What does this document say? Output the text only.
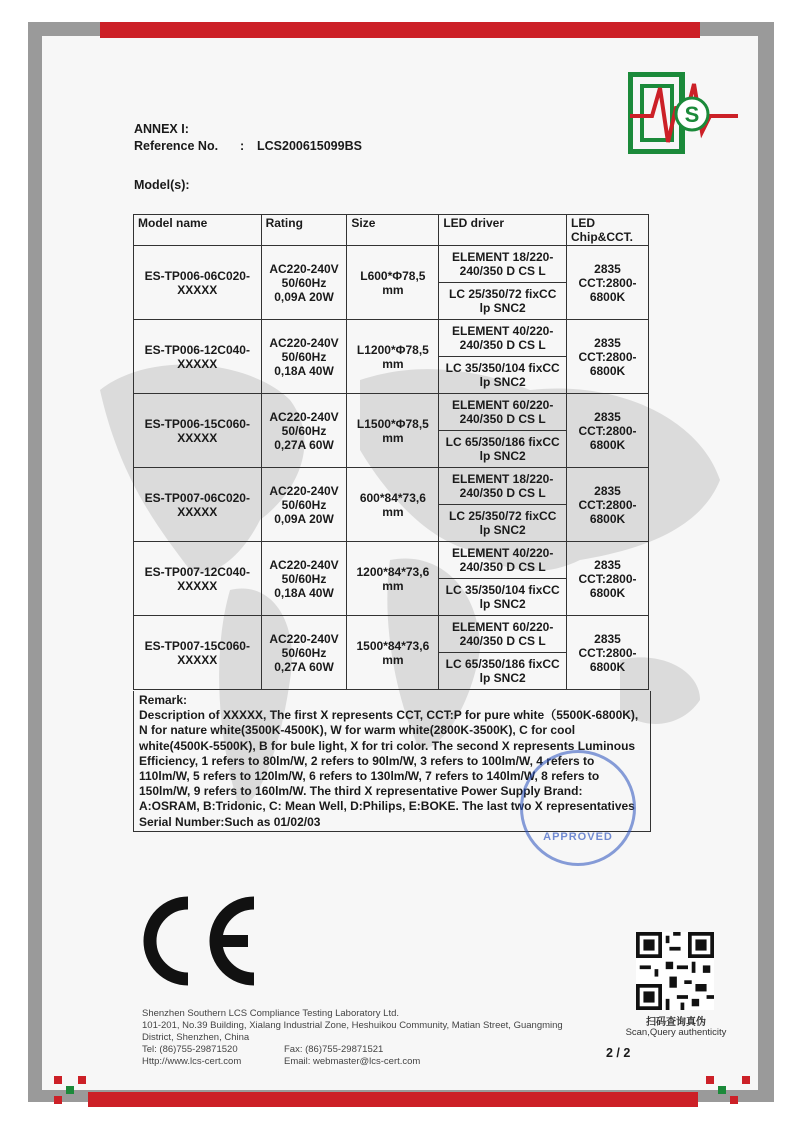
S
ANNEX I:
Reference No. : LCS200615099BS
Model(s):
Model name	Rating	Size	LED driver	LED Chip&CCT.
ES-TP006-06C020-XXXXX	AC220-240V 50/60Hz 0,09A 20W	L600*Φ78,5 mm	ELEMENT 18/220-240/350 D CS L	2835 CCT:2800-6800K
			LC 25/350/72 fixCC lp SNC2	
ES-TP006-12C040-XXXXX	AC220-240V 50/60Hz 0,18A 40W	L1200*Φ78,5 mm	ELEMENT 40/220-240/350 D CS L	2835 CCT:2800-6800K
			LC 35/350/104 fixCC lp SNC2	
ES-TP006-15C060-XXXXX	AC220-240V 50/60Hz 0,27A 60W	L1500*Φ78,5 mm	ELEMENT 60/220-240/350 D CS L	2835 CCT:2800-6800K
			LC 65/350/186 fixCC lp SNC2	
ES-TP007-06C020-XXXXX	AC220-240V 50/60Hz 0,09A 20W	600*84*73,6 mm	ELEMENT 18/220-240/350 D CS L	2835 CCT:2800-6800K
			LC 25/350/72 fixCC lp SNC2	
ES-TP007-12C040-XXXXX	AC220-240V 50/60Hz 0,18A 40W	1200*84*73,6 mm	ELEMENT 40/220-240/350 D CS L	2835 CCT:2800-6800K
			LC 35/350/104 fixCC lp SNC2	
ES-TP007-15C060-XXXXX	AC220-240V 50/60Hz 0,27A 60W	1500*84*73,6 mm	ELEMENT 60/220-240/350 D CS L	2835 CCT:2800-6800K
			LC 65/350/186 fixCC lp SNC2	
Remark:
Description of XXXXX, The first X represents CCT, CCT:P for pure white（5500K-6800K), N for nature white(3500K-4500K), W for warm white(2800K-3500K), C for cool white(4500K-5500K), B for bule light, X for tri color. The second X represents Luminous Efficiency, 1 refers to 80lm/W, 2 refers to 90lm/W, 3 refers to 100lm/W, 4 refers to 110lm/W, 5 refers to 120lm/W, 6 refers to 130lm/W, 7 refers to 140lm/W, 8 refers to 150lm/W, 9 refers to 160lm/W. The third X representative Power Supply Brand: A:OSRAM, B:Tridonic, C: Mean Well, D:Philips, E:BOKE. The last two X representatives Serial Number:Such as 01/02/03
APPROVED
Shenzhen Southern LCS Compliance Testing Laboratory Ltd.
101-201, No.39 Building, Xialang Industrial Zone, Heshuikou Community, Matian Street, Guangming
District, Shenzhen, China
Tel: (86)755-29871520	Fax: (86)755-29871521
Http://www.lcs-cert.com	Email: webmaster@lcs-cert.com
扫码查询真伪
Scan,Query authenticity
2 / 2
